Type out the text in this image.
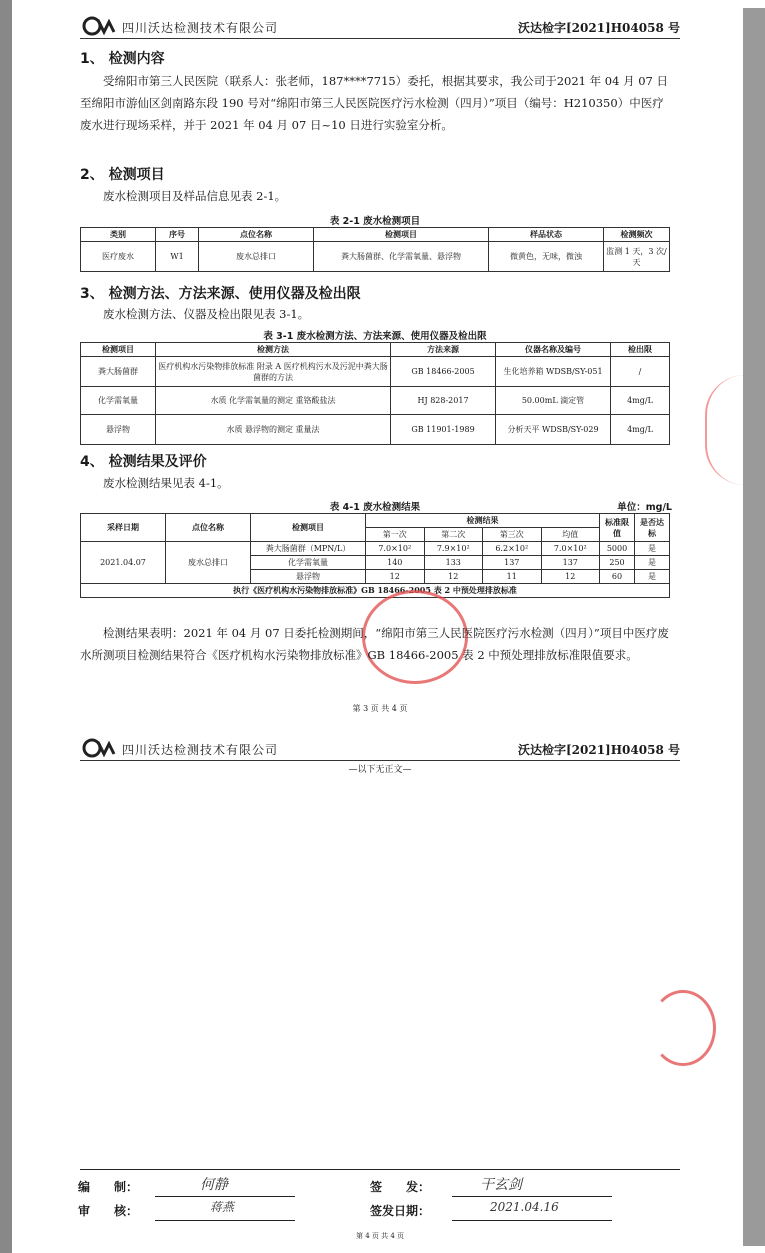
四川沃达检测技术有限公司	沃达检字[2021]H04058 号
1、 检测内容
受绵阳市第三人民医院（联系人：张老师，187****7715）委托，根据其要求，我公司于2021 年 04 月 07 日至绵阳市游仙区剑南路东段 190 号对“绵阳市第三人民医院医疗污水检测（四月）”项目（编号：H210350）中医疗废水进行现场采样，并于 2021 年 04 月 07 日~10 日进行实验室分析。
2、 检测项目
废水检测项目及样品信息见表 2-1。
表 2-1 废水检测项目
类别	序号	点位名称	检测项目	样品状态	检测频次
医疗废水	W1	废水总排口	粪大肠菌群、化学需氧量、悬浮物	微黄色，无味，微浊	监测 1 天，3 次/天
3、 检测方法、方法来源、使用仪器及检出限
废水检测方法、仪器及检出限见表 3-1。
表 3-1 废水检测方法、方法来源、使用仪器及检出限
检测项目	检测方法	方法来源	仪器名称及编号	检出限
粪大肠菌群	医疗机构水污染物排放标准 附录 A 医疗机构污水及污泥中粪大肠菌群的方法	GB 18466-2005	生化培养箱 WDSB/SY-051	/
化学需氧量	水质 化学需氧量的测定 重铬酸盐法	HJ 828-2017	50.00mL 滴定管	4mg/L
悬浮物	水质 悬浮物的测定 重量法	GB 11901-1989	分析天平 WDSB/SY-029	4mg/L
4、 检测结果及评价
废水检测结果见表 4-1。
表 4-1 废水检测结果	单位：mg/L
采样日期	点位名称	检测项目	检测结果				标准限值	是否达标
			第一次	第二次	第三次	均值		
2021.04.07	废水总排口	粪大肠菌群（MPN/L）	7.0×10²	7.9×10²	6.2×10²	7.0×10²	5000	是
		化学需氧量	140	133	137	137	250	是
		悬浮物	12	12	11	12	60	是
执行《医疗机构水污染物排放标准》GB 18466-2005 表 2 中预处理排放标准								
检测结果表明：2021 年 04 月 07 日委托检测期间，“绵阳市第三人民医院医疗污水检测（四月）”项目中医疗废水所测项目检测结果符合《医疗机构水污染物排放标准》GB 18466-2005 表 2 中预处理排放标准限值要求。
第 3 页 共 4 页
四川沃达检测技术有限公司	沃达检字[2021]H04058 号
—以下无正文—
编　　制：	何静	签　　发：	干玄剑
审　　核：	蒋燕	签发日期：	2021.04.16
第 4 页 共 4 页
